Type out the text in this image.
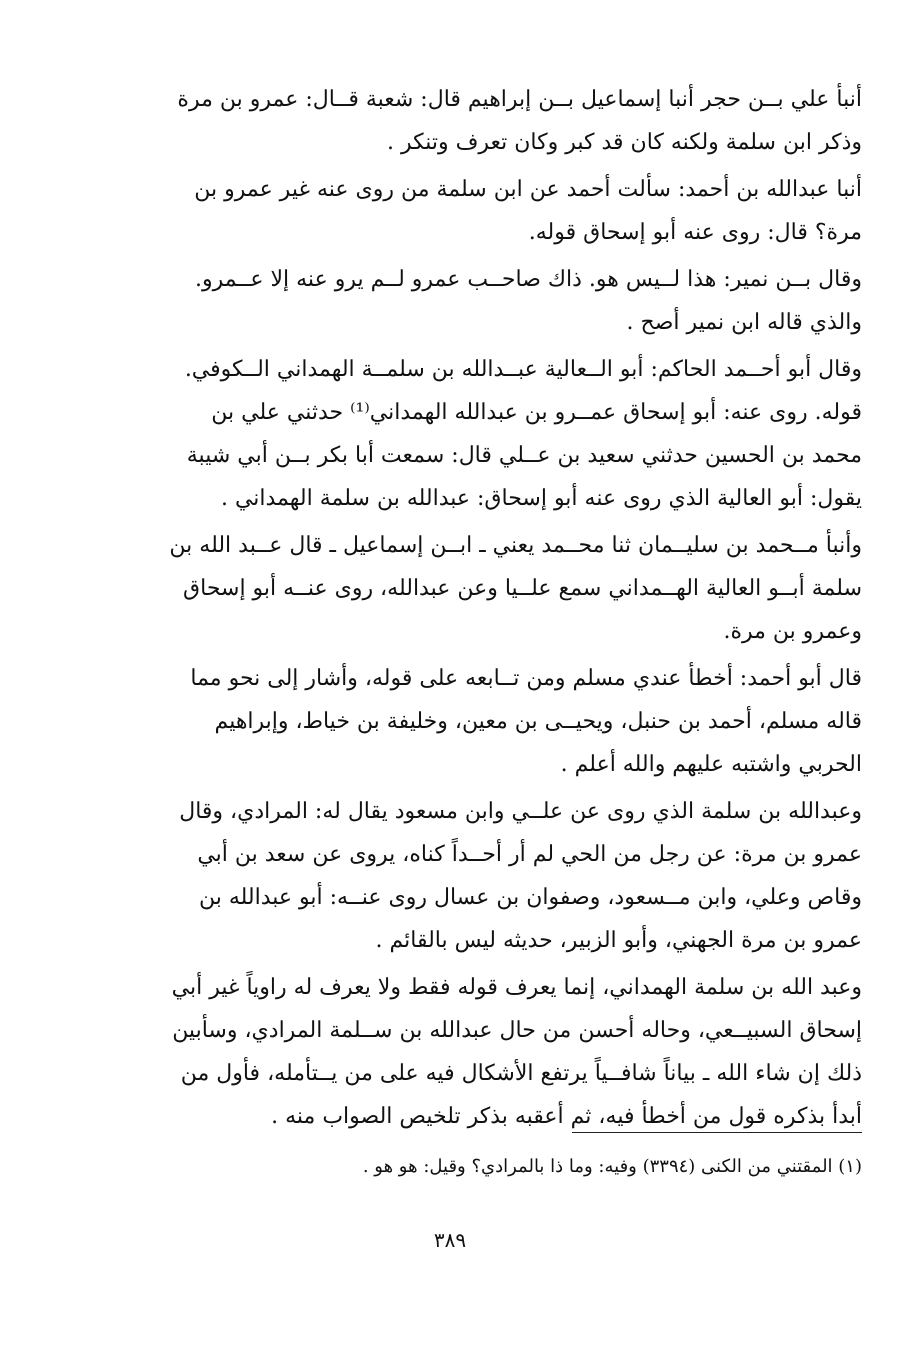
أنبأ علي بــن حجر أنبا إسماعيل بــن إبراهيم قال: شعبة قــال: عمرو بن مرة
وذكر ابن سلمة ولكنه كان قد كبر وكان تعرف وتنكر .

أنبا عبدالله بن أحمد: سألت أحمد عن ابن سلمة من روى عنه غير عمرو بن
مرة؟ قال: روى عنه أبو إسحاق قوله.

وقال بــن نمير: هذا لــيس هو. ذاك صاحــب عمرو لــم يرو عنه إلا عــمرو.
والذي قاله ابن نمير أصح .

وقال أبو أحــمد الحاكم: أبو الــعالية عبــدالله بن سلمــة الهمداني الــكوفي.
قوله. روى عنه: أبو إسحاق عمــرو بن عبدالله الهمداني⁽¹⁾ حدثني علي بن
محمد بن الحسين حدثني سعيد بن عــلي قال: سمعت أبا بكر بــن أبي شيبة
يقول: أبو العالية الذي روى عنه أبو إسحاق: عبدالله بن سلمة الهمداني .

وأنبأ مــحمد بن سليــمان ثنا محــمد يعني ـ ابــن إسماعيل ـ قال عــبد الله بن
سلمة أبــو العالية الهــمداني سمع علــيا وعن عبدالله، روى عنــه أبو إسحاق
وعمرو بن مرة.

قال أبو أحمد: أخطأ عندي مسلم ومن تــابعه على قوله، وأشار إلى نحو مما
قاله مسلم، أحمد بن حنبل، ويحيــى بن معين، وخليفة بن خياط، وإبراهيم
الحربي واشتبه عليهم والله أعلم .

وعبدالله بن سلمة الذي روى عن علــي وابن مسعود يقال له: المرادي، وقال
عمرو بن مرة: عن رجل من الحي لم أر أحــداً كناه، يروى عن سعد بن أبي
وقاص وعلي، وابن مــسعود، وصفوان بن عسال روى عنــه: أبو عبدالله بن
عمرو بن مرة الجهني، وأبو الزبير، حديثه ليس بالقائم .

وعبد الله بن سلمة الهمداني، إنما يعرف قوله فقط ولا يعرف له راوياً غير أبي
إسحاق السبيــعي، وحاله أحسن من حال عبدالله بن ســلمة المرادي، وسأبين
ذلك إن شاء الله ـ بياناً شافــياً يرتفع الأشكال فيه على من يــتأمله، فأول من
أبدأ بذكره قول من أخطأ فيه، ثم أعقبه بذكر تلخيص الصواب منه .

(١) المقتني من الكنى (٣٣٩٤) وفيه: وما ذا بالمرادي؟ وقيل: هو هو .
٣٨٩
